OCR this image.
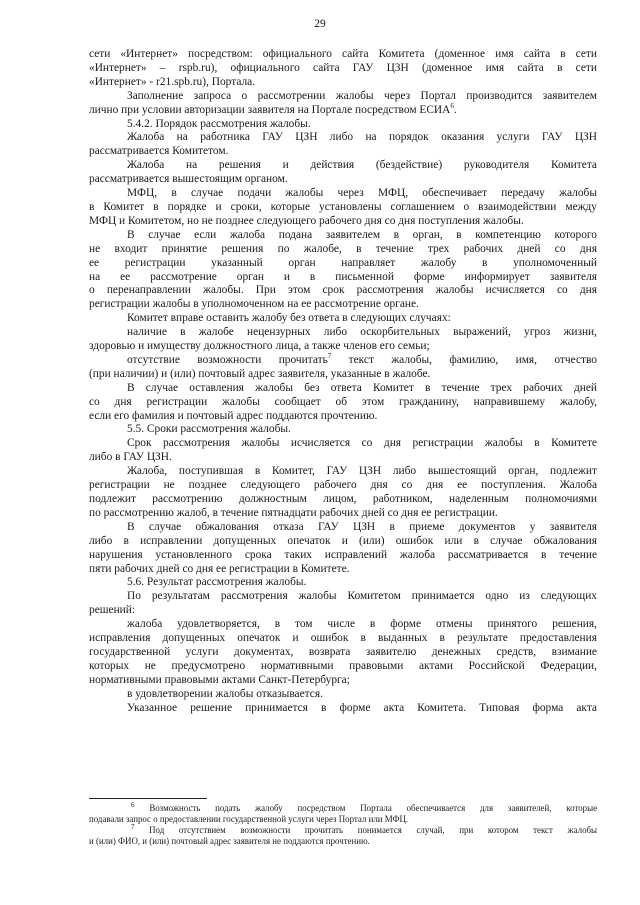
29

сети «Интернет» посредством: официального сайта Комитета (доменное имя сайта в сети

«Интернет» – rspb.ru), официального сайта ГАУ ЦЗН (доменное имя сайта в сети

«Интернет» - r21.spb.ru), Портала.

Заполнение запроса о рассмотрении жалобы через Портал производится заявителем

лично при условии авторизации заявителя на Портале посредством ЕСИА$^6$.

5.4.2. Порядок рассмотрения жалобы.

Жалоба на работника ГАУ ЦЗН либо на порядок оказания услуги ГАУ ЦЗН

рассматривается Комитетом.

Жалоба на решения и действия (бездействие) руководителя Комитета

рассматривается вышестоящим органом.

МФЦ, в случае подачи жалобы через МФЦ, обеспечивает передачу жалобы

в Комитет в порядке и сроки, которые установлены соглашением о взаимодействии между

МФЦ и Комитетом, но не позднее следующего рабочего дня со дня поступления жалобы.

В случае если жалоба подана заявителем в орган, в компетенцию которого

не входит принятие решения по жалобе, в течение трех рабочих дней со дня

ее регистрации указанный орган направляет жалобу в уполномоченный

на ее рассмотрение орган и в письменной форме информирует заявителя

о перенаправлении жалобы. При этом срок рассмотрения жалобы исчисляется со дня

регистрации жалобы в уполномоченном на ее рассмотрение органе.

Комитет вправе оставить жалобу без ответа в следующих случаях:

наличие в жалобе нецензурных либо оскорбительных выражений, угроз жизни,

здоровью и имуществу должностного лица, а также членов его семьи;

отсутствие возможности прочитать$^7$ текст жалобы, фамилию, имя, отчество

(при наличии) и (или) почтовый адрес заявителя, указанные в жалобе.

В случае оставления жалобы без ответа Комитет в течение трех рабочих дней

со дня регистрации жалобы сообщает об этом гражданину, направившему жалобу,

если его фамилия и почтовый адрес поддаются прочтению.

5.5. Сроки рассмотрения жалобы.

Срок рассмотрения жалобы исчисляется со дня регистрации жалобы в Комитете

либо в ГАУ ЦЗН.

Жалоба, поступившая в Комитет, ГАУ ЦЗН либо вышестоящий орган, подлежит

регистрации не позднее следующего рабочего дня со дня ее поступления. Жалоба

подлежит рассмотрению должностным лицом, работником, наделенным полномочиями

по рассмотрению жалоб, в течение пятнадцати рабочих дней со дня ее регистрации.

В случае обжалования отказа ГАУ ЦЗН в приеме документов у заявителя

либо в исправлении допущенных опечаток и (или) ошибок или в случае обжалования

нарушения установленного срока таких исправлений жалоба рассматривается в течение

пяти рабочих дней со дня ее регистрации в Комитете.

5.6. Результат рассмотрения жалобы.

По результатам рассмотрения жалобы Комитетом принимается одно из следующих

решений:

жалоба удовлетворяется, в том числе в форме отмены принятого решения,

исправления допущенных опечаток и ошибок в выданных в результате предоставления

государственной услуги документах, возврата заявителю денежных средств, взимание

которых не предусмотрено нормативными правовыми актами Российской Федерации,

нормативными правовыми актами Санкт-Петербурга;

в удовлетворении жалобы отказывается.

Указанное решение принимается в форме акта Комитета. Типовая форма акта

$^6$ Возможность подать жалобу посредством Портала обеспечивается для заявителей, которые

подавали запрос о предоставлении государственной услуги через Портал или МФЦ.

$^7$ Под отсутствием возможности прочитать понимается случай, при котором текст жалобы

и (или) ФИО, и (или) почтовый адрес заявителя не поддаются прочтению.
